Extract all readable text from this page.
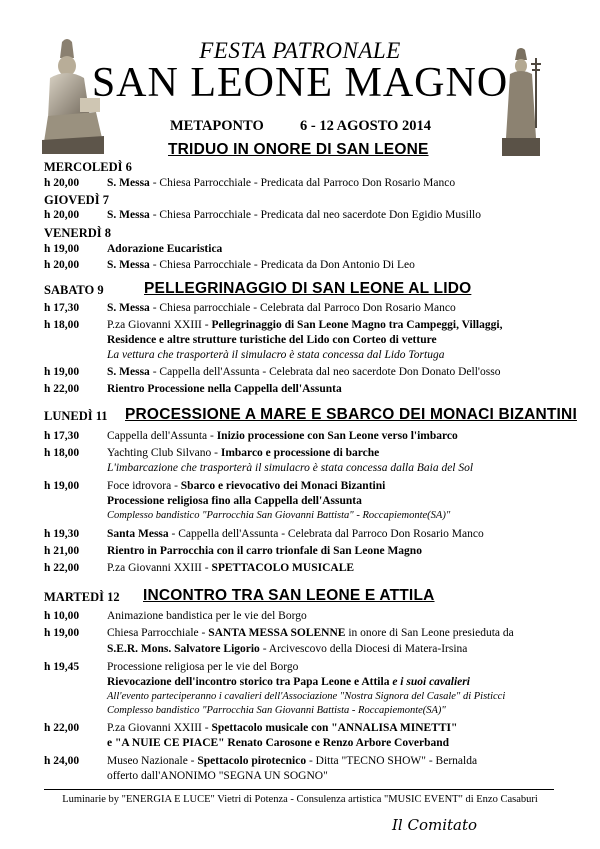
FESTA PATRONALE
SAN LEONE MAGNO
METAPONTO	6 - 12 AGOSTO 2014
TRIDUO IN ONORE DI SAN LEONE
MERCOLEDÌ 6
h 20,00 S. Messa - Chiesa Parrocchiale - Predicata dal Parroco Don Rosario Manco
GIOVEDÌ 7
h 20,00 S. Messa - Chiesa Parrocchiale - Predicata dal neo sacerdote Don Egidio Musillo
VENERDÌ 8
h 19,00 Adorazione Eucaristica
h 20,00 S. Messa - Chiesa Parrocchiale - Predicata da Don Antonio Di Leo
SABATO 9	PELLEGRINAGGIO DI SAN LEONE AL LIDO
h 17,30 S. Messa - Chiesa parrocchiale - Celebrata dal Parroco Don Rosario Manco
h 18,00 P.za Giovanni XXIII - Pellegrinaggio di San Leone Magno tra Campeggi, Villaggi,
Residence e altre strutture turistiche del Lido con Corteo di vetture
La vettura che trasporterà il simulacro è stata concessa dal Lido Tortuga
h 19,00 S. Messa - Cappella dell'Assunta - Celebrata dal neo sacerdote Don Donato Dell'osso
h 22,00 Rientro Processione nella Cappella dell'Assunta
LUNEDÌ 11 PROCESSIONE A MARE E SBARCO DEI MONACI BIZANTINI
h 17,30 Cappella dell'Assunta - Inizio processione con San Leone verso l'imbarco
h 18,00 Yachting Club Silvano - Imbarco e processione di barche
L'imbarcazione che trasporterà il simulacro è stata concessa dalla Baia del Sol
h 19,00 Foce idrovora - Sbarco e rievocativo dei Monaci Bizantini
Processione religiosa fino alla Cappella dell'Assunta
Complesso bandistico "Parrocchia San Giovanni Battista" - Roccapiemonte(SA)"
h 19,30 Santa Messa - Cappella dell'Assunta - Celebrata dal Parroco Don Rosario Manco
h 21,00 Rientro in Parrocchia con il carro trionfale di San Leone Magno
h 22,00 P.za Giovanni XXIII - SPETTACOLO MUSICALE
MARTEDÌ 12 INCONTRO TRA SAN LEONE E ATTILA
h 10,00 Animazione bandistica per le vie del Borgo
h 19,00 Chiesa Parrocchiale - SANTA MESSA SOLENNE in onore di San Leone presieduta da
S.E.R. Mons. Salvatore Ligorio - Arcivescovo della Diocesi di Matera-Irsina
h 19,45 Processione religiosa per le vie del Borgo
Rievocazione dell'incontro storico tra Papa Leone e Attila e i suoi cavalieri
All'evento parteciperanno i cavalieri dell'Associazione "Nostra Signora del Casale" di Pisticci
Complesso bandistico "Parrocchia San Giovanni Battista - Roccapiemonte(SA)"
h 22,00 P.za Giovanni XXIII - Spettacolo musicale con "ANNALISA MINETTI"
e "A NUIE CE PIACE" Renato Carosone e Renzo Arbore Coverband
h 24,00 Museo Nazionale - Spettacolo pirotecnico - Ditta "TECNO SHOW" - Bernalda
offerto dall'ANONIMO "SEGNA UN SOGNO"
Luminarie by "ENERGIA E LUCE" Vietri di Potenza - Consulenza artistica "MUSIC EVENT" di Enzo Casaburi
Il Comitato
